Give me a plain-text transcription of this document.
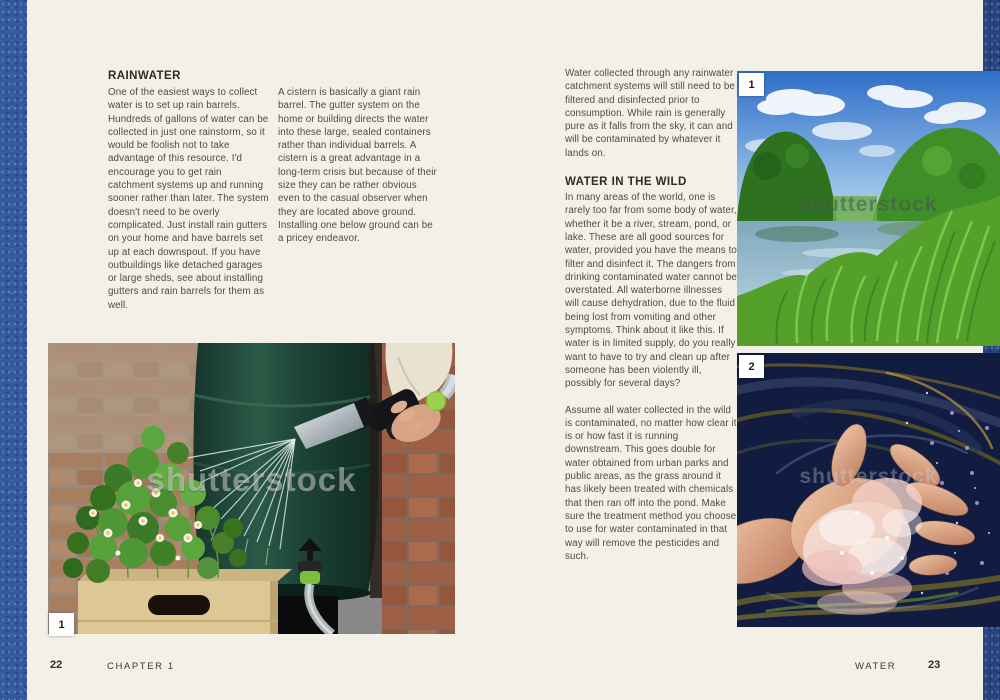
RAINWATER

One of the easiest ways to collect water is to set up rain barrels. Hundreds of gallons of water can be collected in just one rainstorm, so it would be foolish not to take advantage of this resource. I'd encourage you to get rain catchment systems up and running sooner rather than later. The system doesn't need to be overly complicated. Just install rain gutters on your home and have barrels set up at each downspout. If you have outbuildings like detached garages or large sheds, see about installing gutters and rain barrels for them as well.

A cistern is basically a giant rain barrel. The gutter system on the home or building directs the water into these large, sealed containers rather than individual barrels. A cistern is a great advantage in a long-term crisis but because of their size they can be rather obvious even to the casual observer when they are located above ground. Installing one below ground can be a pricey endeavor.

Water collected through any rainwater catchment systems will still need to be filtered and disinfected prior to consumption. While rain is generally pure as it falls from the sky, it can and will be contaminated by whatever it lands on.

WATER IN THE WILD

In many areas of the world, one is rarely too far from some body of water, whether it be a river, stream, pond, or lake. These are all good sources for water, provided you have the means to filter and disinfect it. The dangers from drinking contaminated water cannot be overstated. All waterborne illnesses will cause dehydration, due to the fluid being lost from vomiting and other symptoms. Think about it like this. If water is in limited supply, do you really want to have to try and clean up after someone has been violently ill, possibly for several days?

Assume all water collected in the wild is contaminated, no matter how clear it is or how fast it is running downstream. This goes double for water obtained from urban parks and public areas, as the grass around it has likely been treated with chemicals that then ran off into the pond. Make sure the treatment method you choose to use for water contaminated in that way will remove the pesticides and such.

shutterstock
1
shutterstock
1
shutterstock
2
22	CHAPTER 1	WATER	23
